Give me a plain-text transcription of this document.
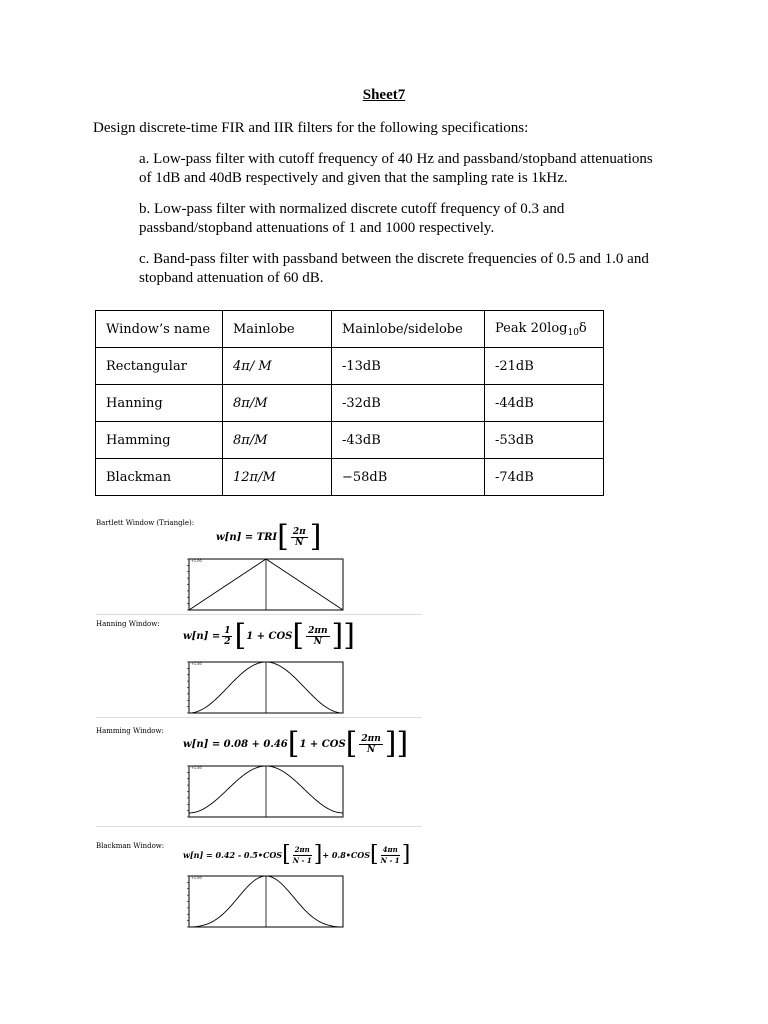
Sheet7
Design discrete-time FIR and IIR filters for the following specifications:
a. Low-pass filter with cutoff frequency of 40 Hz and passband/stopband attenuations
of 1dB and 40dB respectively and given that the sampling rate is 1kHz.
b. Low-pass filter with normalized discrete cutoff frequency of 0.3 and
passband/stopband attenuations of 1 and 1000 respectively.
c. Band-pass filter with passband between the discrete frequencies of 0.5 and 1.0 and
stopband attenuation of 60 dB.
Window’s name	Mainlobe	Mainlobe/sidelobe	Peak $20\log_{10}\delta$
Rectangular	4π/ M	-13dB	-21dB
Hanning	8π/M	-32dB	-44dB
Hamming	8π/M	-43dB	-53dB
Blackman	12π/M	−58dB	-74dB
Bartlett Window (Triangle):
w[n] = TRI [ $\frac{2\pi}{N}$ ]
+1.00
Hanning Window:
$w[n] = \frac{1}{2}$ [ 1 + COS [ $\frac{2\pi n}{N}$ ]]
+1.00
Hamming Window:
w[n] = 0.08 + 0.46 [ 1 + COS [ $\frac{2\pi n}{N}$ ]]
+1.00
Blackman Window:
w[n] = 0.42 - 0.5•COS [ $\frac{2\pi n}{N - 1}$ ] + 0.8•COS [ $\frac{4\pi n}{N - 1}$ ]
+1.00
